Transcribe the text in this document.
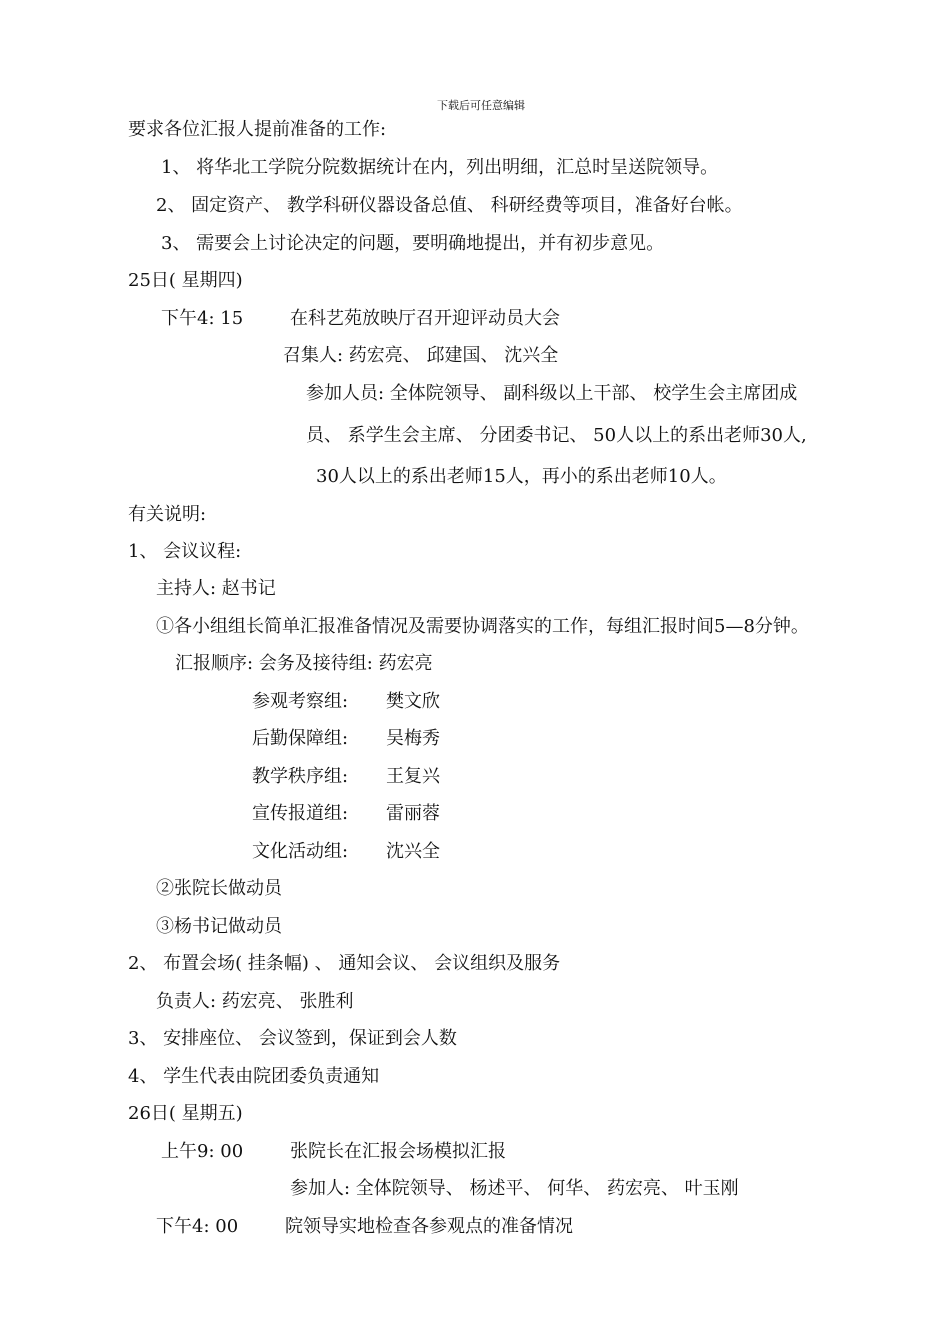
下载后可任意编辑
要求各位汇报人提前准备的工作:
1、 将华北工学院分院数据统计在内，列出明细，汇总时呈送院领导。
2、 固定资产、 教学科研仪器设备总值、 科研经费等项目，准备好台帐。
3、 需要会上讨论决定的问题，要明确地提出，并有初步意见。
25日( 星期四)
下午4: 15	在科艺苑放映厅召开迎评动员大会
召集人: 药宏亮、 邱建国、 沈兴全
参加人员: 全体院领导、 副科级以上干部、 校学生会主席团成
员、 系学生会主席、 分团委书记、 50人以上的系出老师30人,
30人以上的系出老师15人，再小的系出老师10人。
有关说明:
1、 会议议程:
主持人: 赵书记
①各小组组长简单汇报准备情况及需要协调落实的工作，每组汇报时间5—8分钟。
汇报顺序: 会务及接待组: 药宏亮
参观考察组: 樊文欣
后勤保障组: 吴梅秀
教学秩序组: 王复兴
宣传报道组: 雷丽蓉
文化活动组: 沈兴全
②张院长做动员
③杨书记做动员
2、 布置会场( 挂条幅) 、 通知会议、 会议组织及服务
负责人: 药宏亮、 张胜利
3、 安排座位、 会议签到，保证到会人数
4、 学生代表由院团委负责通知
26日( 星期五)
上午9: 00	张院长在汇报会场模拟汇报
参加人: 全体院领导、 杨述平、 何华、 药宏亮、 叶玉刚
下午4: 00	院领导实地检查各参观点的准备情况
